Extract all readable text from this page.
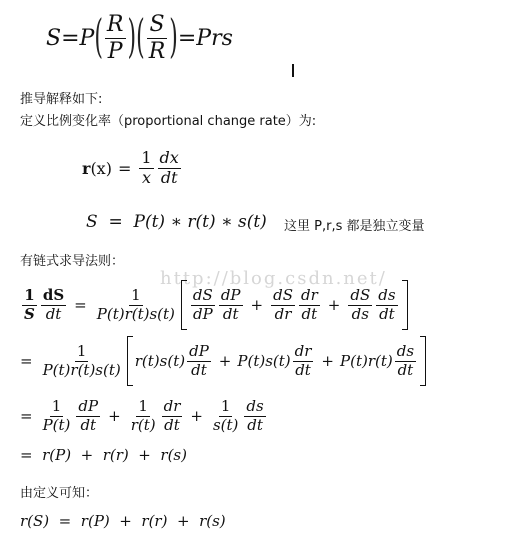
S = P ( $\frac{R}{P}$ ) ( $\frac{S}{R}$ ) = Prs
推导解释如下:
定义比例变化率（proportional change rate）为:
r $(x) = \frac{1}{x} \frac{dx}{dt}$
S  =  P(t) ∗ r(t) ∗ s(t) 这里 P,r,s 都是独立变量
有链式求导法则：
http://blog.csdn.net/
$\frac{1}{S} \frac{dS}{dt} = \frac{1}{P(t)r(t)s(t)} \frac{dS}{dP} \frac{dP}{dt} + \frac{dS}{dr} \frac{dr}{dt} + \frac{dS}{ds} \frac{ds}{dt}$
= $\frac{1}{P(t)r(t)s(t)} r(t)s(t) \frac{dP}{dt} + P(t)s(t) \frac{dr}{dt} + P(t)r(t) \frac{ds}{dt}$
= $\frac{1}{P(t)} \frac{dP}{dt} + \frac{1}{r(t)} \frac{dr}{dt} + \frac{1}{s(t)} \frac{ds}{dt}$
=  r(P)  +  r(r)  +  r(s)
由定义可知：
r(S)  =  r(P)  +  r(r)  +  r(s)
